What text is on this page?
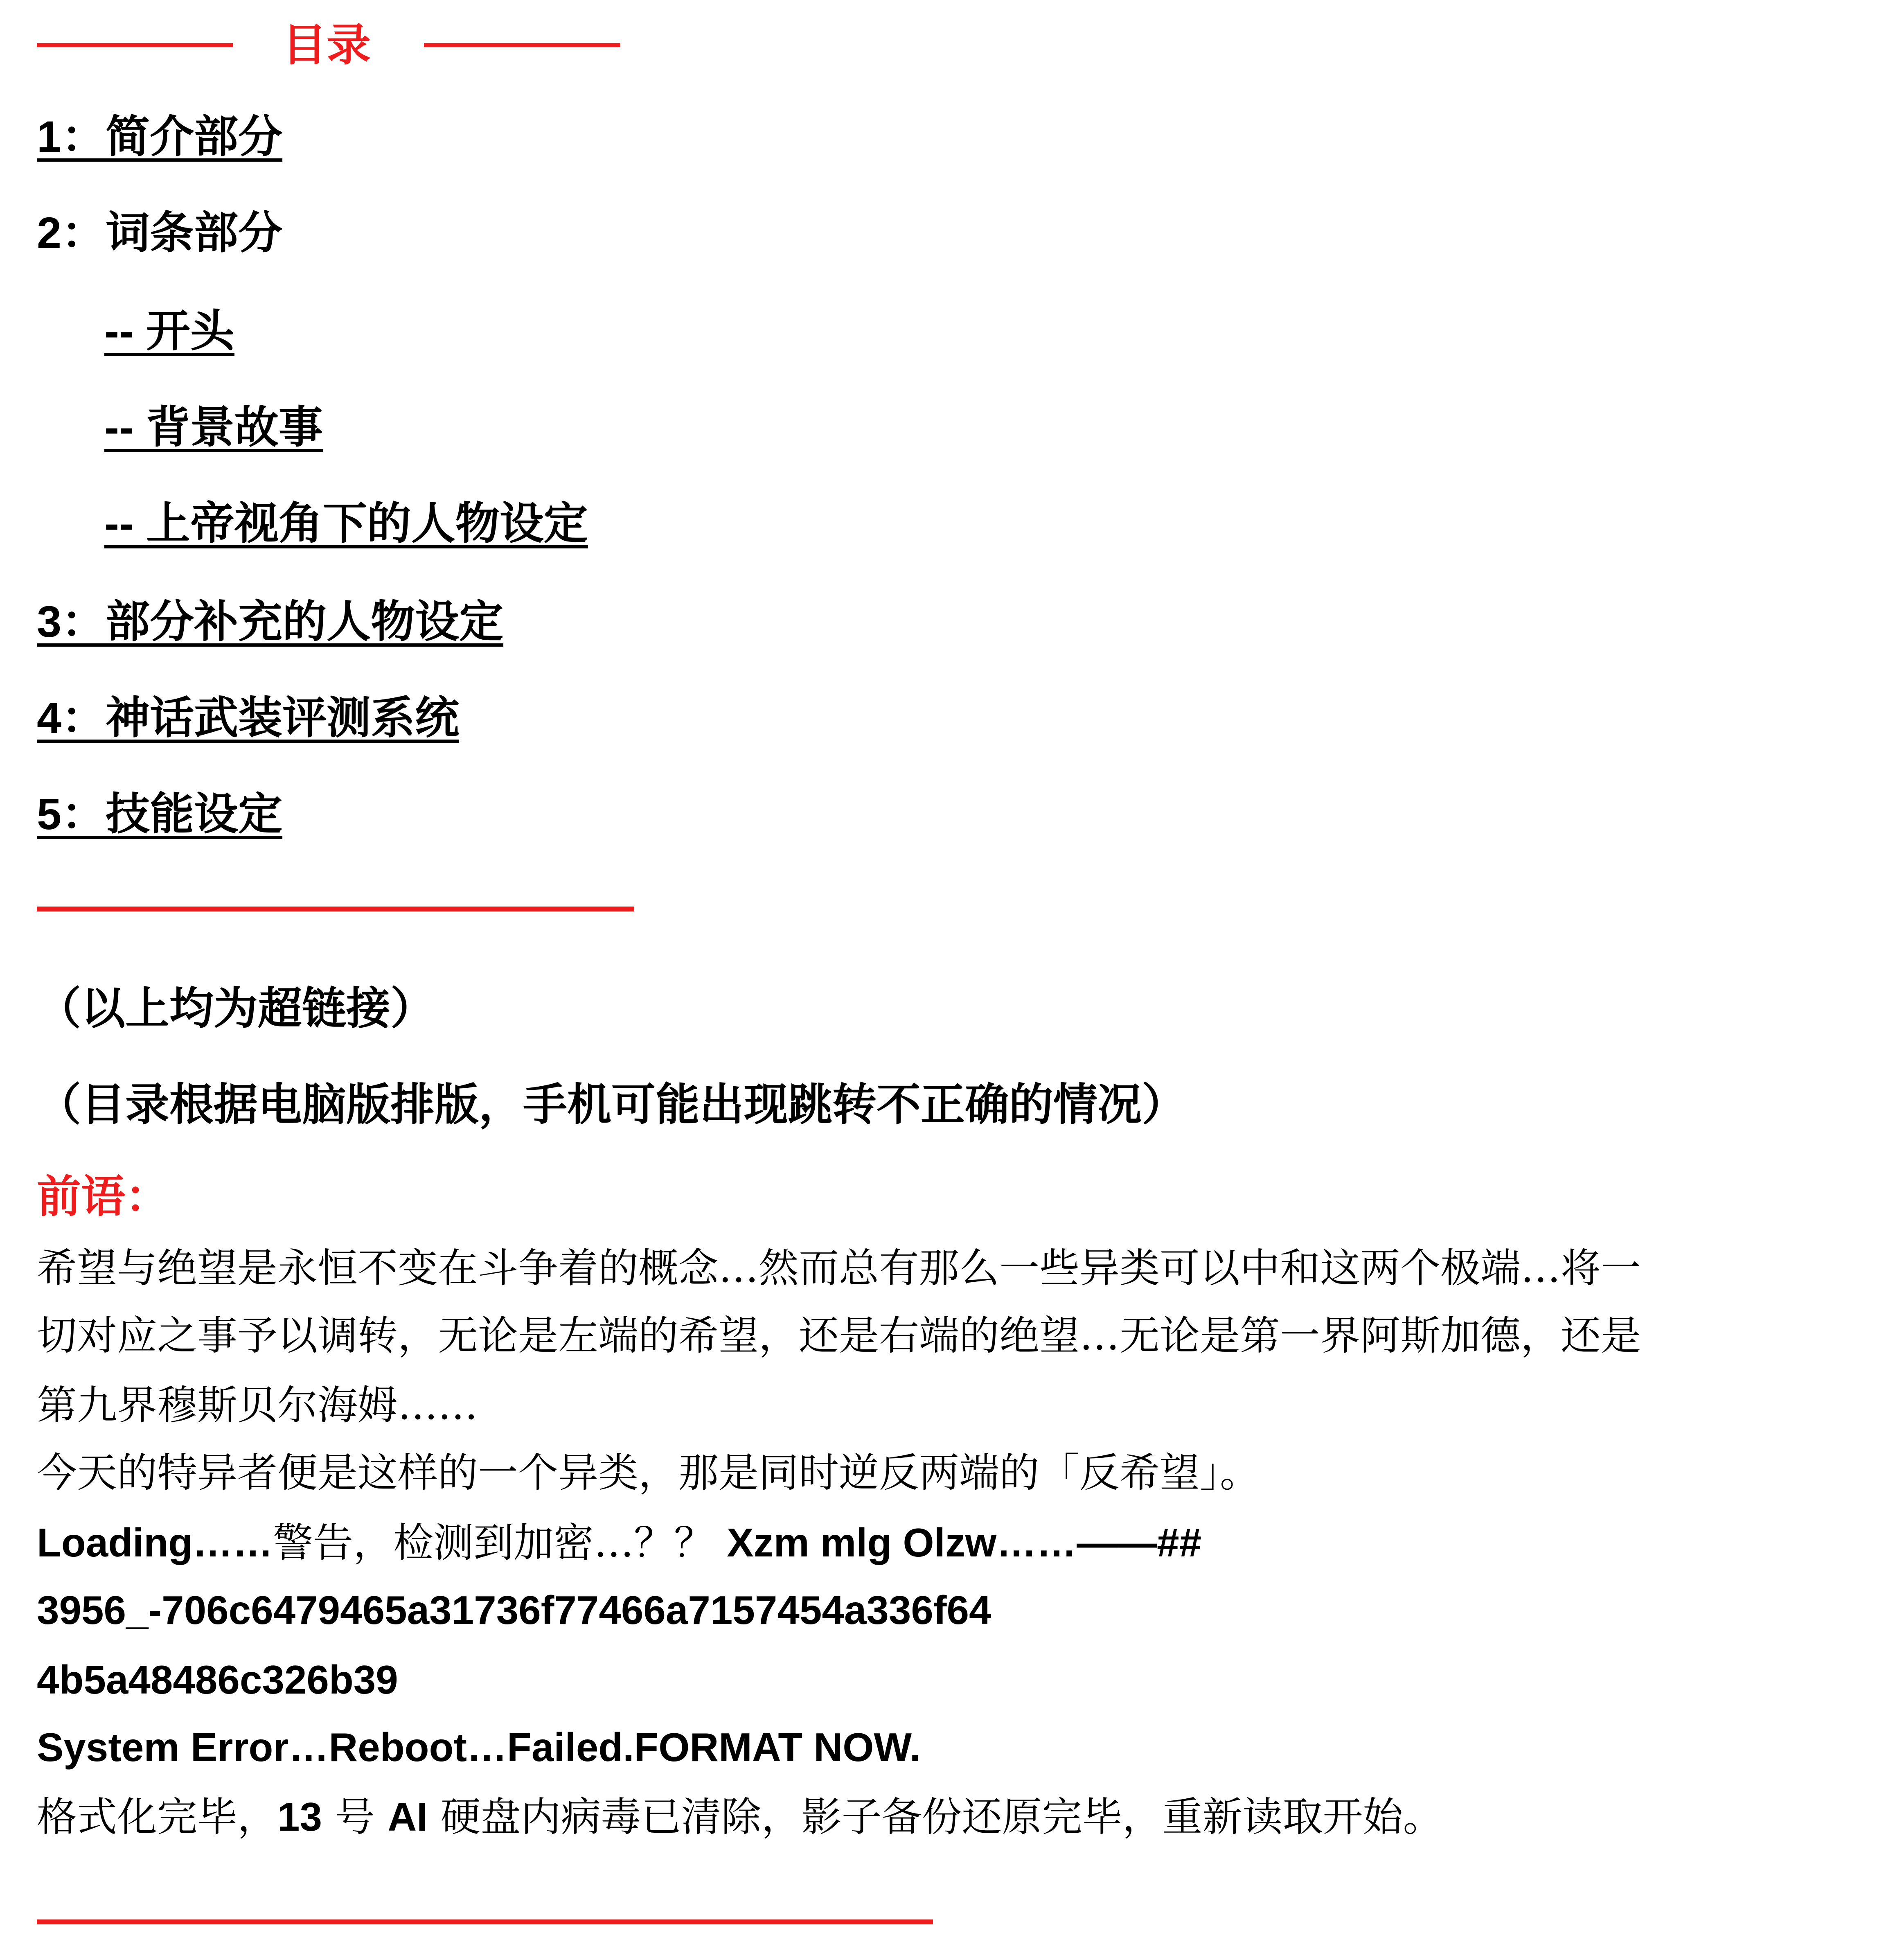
目录
1：简介部分
2：词条部分
-- 开头
-- 背景故事
-- 上帝视角下的人物设定
3：部分补充的人物设定
4：神话武装评测系统
5：技能设定
（以上均为超链接）
（目录根据电脑版排版，手机可能出现跳转不正确的情况）
前语：
希望与绝望是永恒不变在斗争着的概念…然而总有那么一些异类可以中和这两个极端…将一
切对应之事予以调转，无论是左端的希望，还是右端的绝望…无论是第一界阿斯加德，还是
第九界穆斯贝尔海姆……
今天的特异者便是这样的一个异类，那是同时逆反两端的「反希望」。
Loading……警告，检测到加密…？？ Xzm mlg Olzw……——##
3956_-706c6479465a31736f77466a7157454a336f64
4b5a48486c326b39
System Error…Reboot…Failed.FORMAT NOW.
格式化完毕，13 号 AI 硬盘内病毒已清除，影子备份还原完毕，重新读取开始。
